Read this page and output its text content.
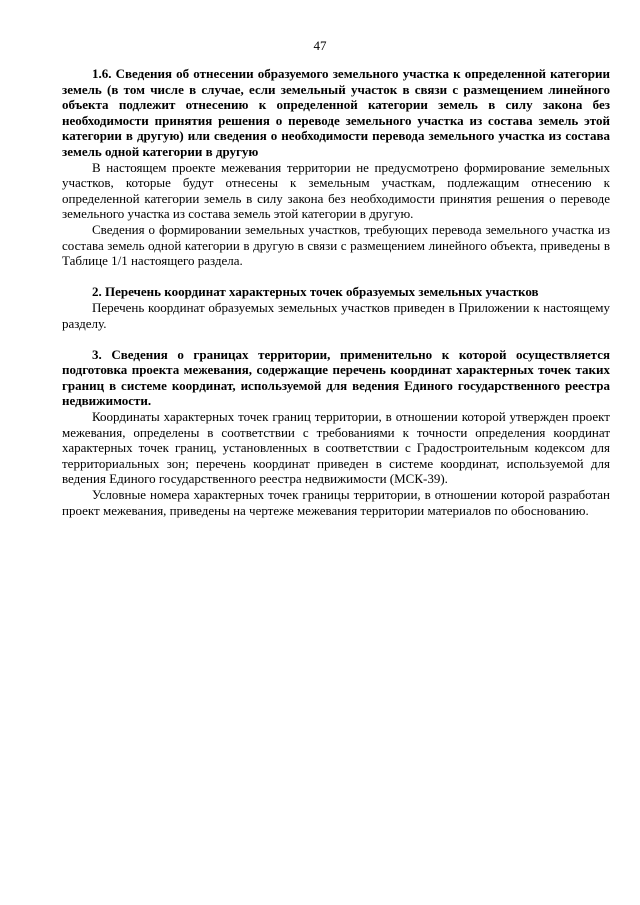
47

1.6. Сведения об отнесении образуемого земельного участка к определенной категории земель (в том числе в случае, если земельный участок в связи с размещением линейного объекта подлежит отнесению к определенной категории земель в силу закона без необходимости принятия решения о переводе земельного участка из состава земель этой категории в другую) или сведения о необходимости перевода земельного участка из состава земель одной категории в другую

В настоящем проекте межевания территории не предусмотрено формирование земельных участков, которые будут отнесены к земельным участкам, подлежащим отнесению к определенной категории земель в силу закона без необходимости принятия решения о переводе земельного участка из состава земель этой категории в другую.

Сведения о формировании земельных участков, требующих перевода земельного участка из состава земель одной категории в другую в связи с размещением линейного объекта, приведены в Таблице 1/1 настоящего раздела.

2. Перечень координат характерных точек образуемых земельных участков

Перечень координат образуемых земельных участков приведен в Приложении к настоящему разделу.

3. Сведения о границах территории, применительно к которой осуществляется подготовка проекта межевания, содержащие перечень координат характерных точек таких границ в системе координат, используемой для ведения Единого государственного реестра недвижимости.

Координаты характерных точек границ территории, в отношении которой утвержден проект межевания, определены в соответствии с требованиями к точности определения координат характерных точек границ, установленных в соответствии с Градостроительным кодексом для территориальных зон; перечень координат приведен в системе координат, используемой для ведения Единого государственного реестра недвижимости (МСК-39).

Условные номера характерных точек границы территории, в отношении которой разработан проект межевания, приведены на чертеже межевания территории материалов по обоснованию.
